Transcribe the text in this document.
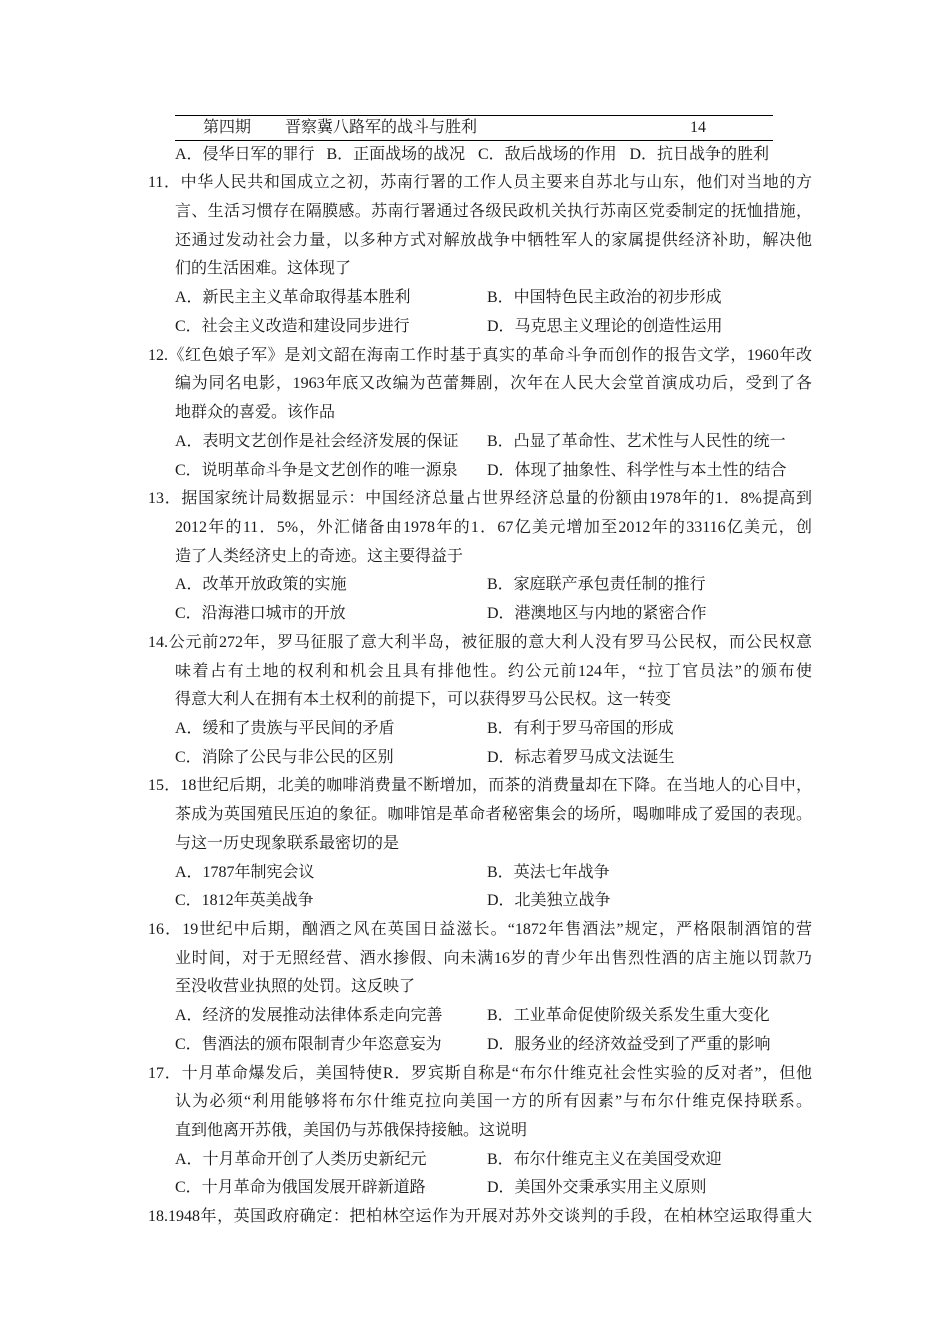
第四期 晋察冀八路军的战斗与胜利	14
A．侵华日军的罪行 B．正面战场的战况 C．敌后战场的作用 D．抗日战争的胜利
11．中华人民共和国成立之初，苏南行署的工作人员主要来自苏北与山东，他们对当地的方
言、生活习惯存在隔膜感。苏南行署通过各级民政机关执行苏南区党委制定的抚恤措施，
还通过发动社会力量，以多种方式对解放战争中牺牲军人的家属提供经济补助，解决他
们的生活困难。这体现了
A．新民主主义革命取得基本胜利	B．中国特色民主政治的初步形成
C．社会主义改造和建设同步进行	D．马克思主义理论的创造性运用
12.《红色娘子军》是刘文韶在海南工作时基于真实的革命斗争而创作的报告文学，1960年改
编为同名电影，1963年底又改编为芭蕾舞剧，次年在人民大会堂首演成功后，受到了各
地群众的喜爱。该作品
A．表明文艺创作是社会经济发展的保证	B．凸显了革命性、艺术性与人民性的统一
C．说明革命斗争是文艺创作的唯一源泉	D．体现了抽象性、科学性与本土性的结合
13．据国家统计局数据显示：中国经济总量占世界经济总量的份额由1978年的1．8%提高到
2012年的11．5%，外汇储备由1978年的1．67亿美元增加至2012年的33116亿美元，创
造了人类经济史上的奇迹。这主要得益于
A．改革开放政策的实施	B．家庭联产承包责任制的推行
C．沿海港口城市的开放	D．港澳地区与内地的紧密合作
14.公元前272年，罗马征服了意大利半岛，被征服的意大利人没有罗马公民权，而公民权意
味着占有土地的权利和机会且具有排他性。约公元前124年，“拉丁官员法”的颁布使
得意大利人在拥有本土权利的前提下，可以获得罗马公民权。这一转变
A．缓和了贵族与平民间的矛盾	B．有利于罗马帝国的形成
C．消除了公民与非公民的区别	D．标志着罗马成文法诞生
15．18世纪后期，北美的咖啡消费量不断增加，而茶的消费量却在下降。在当地人的心目中，
茶成为英国殖民压迫的象征。咖啡馆是革命者秘密集会的场所，喝咖啡成了爱国的表现。
与这一历史现象联系最密切的是
A．1787年制宪会议	B．英法七年战争
C．1812年英美战争	D．北美独立战争
16．19世纪中后期，酗酒之风在英国日益滋长。“1872年售酒法”规定，严格限制酒馆的营
业时间，对于无照经营、酒水掺假、向未满16岁的青少年出售烈性酒的店主施以罚款乃
至没收营业执照的处罚。这反映了
A．经济的发展推动法律体系走向完善	B．工业革命促使阶级关系发生重大变化
C．售酒法的颁布限制青少年恣意妄为	D．服务业的经济效益受到了严重的影响
17．十月革命爆发后，美国特使R．罗宾斯自称是“布尔什维克社会性实验的反对者”，但他
认为必须“利用能够将布尔什维克拉向美国一方的所有因素”与布尔什维克保持联系。
直到他离开苏俄，美国仍与苏俄保持接触。这说明
A．十月革命开创了人类历史新纪元	B．布尔什维克主义在美国受欢迎
C．十月革命为俄国发展开辟新道路	D．美国外交秉承实用主义原则
18.1948年，英国政府确定：把柏林空运作为开展对苏外交谈判的手段，在柏林空运取得重大
